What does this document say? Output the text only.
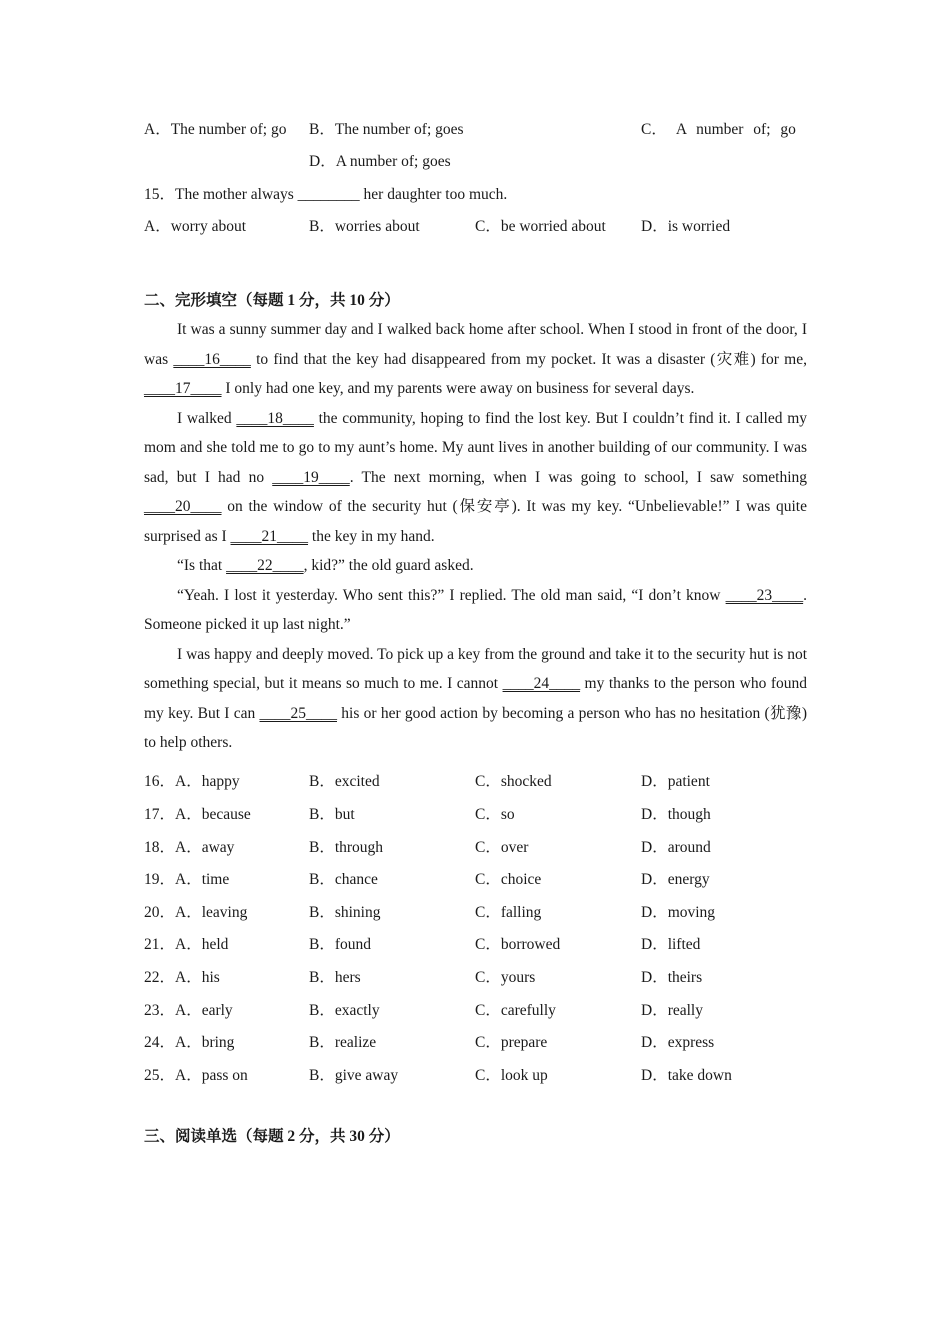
A．The number of; go B．The number of; goes	C． A number of; go
D．A number of; goes
15．The mother always ________ her daughter too much.
A．worry about	B．worries about	C．be worried about D．is worried
二、完形填空（每题 1 分，共 10 分）

It was a sunny summer day and I walked back home after school. When I stood in front of the door, I was ____16____ to find that the key had disappeared from my pocket. It was a disaster (灾难) for me, ____17____ I only had one key, and my parents were away on business for several days.

I walked ____18____ the community, hoping to find the lost key. But I couldn’t find it. I called my mom and she told me to go to my aunt’s home. My aunt lives in another building of our community. I was sad, but I had no ____19____. The next morning, when I was going to school, I saw something ____20____ on the window of the security hut (保安亭). It was my key. “Unbelievable!” I was quite surprised as I ____21____ the key in my hand.

“Is that ____22____, kid?” the old guard asked.

“Yeah. I lost it yesterday. Who sent this?” I replied. The old man said, “I don’t know ____23____. Someone picked it up last night.”

I was happy and deeply moved. To pick up a key from the ground and take it to the security hut is not something special, but it means so much to me. I cannot ____24____ my thanks to the person who found my key. But I can ____25____ his or her good action by becoming a person who has no hesitation (犹豫) to help others.

16．A．happy	B．excited	C．shocked	D．patient
17．A．because	B．but	C．so	D．though
18．A．away	B．through	C．over	D．around
19．A．time	B．chance	C．choice	D．energy
20．A．leaving	B．shining	C．falling	D．moving
21．A．held	B．found	C．borrowed	D．lifted
22．A．his	B．hers	C．yours	D．theirs
23．A．early	B．exactly	C．carefully	D．really
24．A．bring	B．realize	C．prepare	D．express
25．A．pass on	B．give away	C．look up	D．take down
三、阅读单选（每题 2 分，共 30 分）
